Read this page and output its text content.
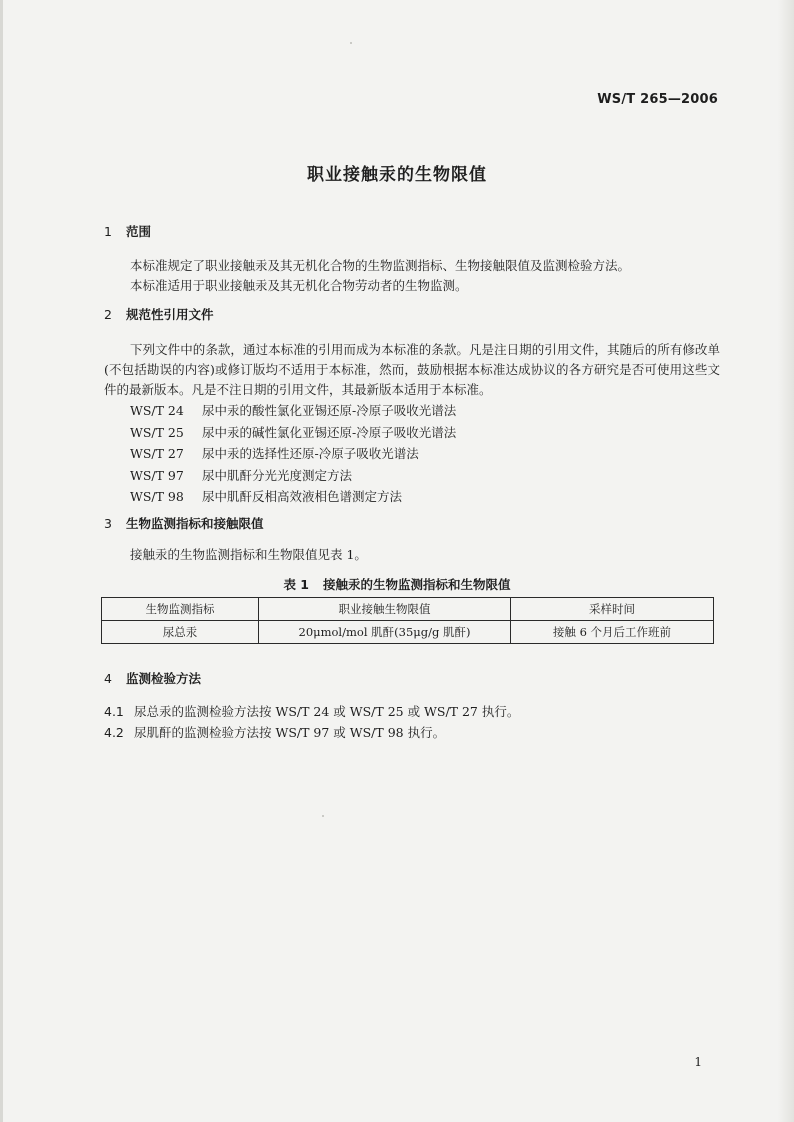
WS/T 265—2006
职业接触汞的生物限值
1 范围
本标准规定了职业接触汞及其无机化合物的生物监测指标、生物接触限值及监测检验方法。
本标准适用于职业接触汞及其无机化合物劳动者的生物监测。
2 规范性引用文件
下列文件中的条款，通过本标准的引用而成为本标准的条款。凡是注日期的引用文件，其随后的所有修改单(不包括勘误的内容)或修订版均不适用于本标准，然而，鼓励根据本标准达成协议的各方研究是否可使用这些文件的最新版本。凡是不注日期的引用文件，其最新版本适用于本标准。
WS/T 24 尿中汞的酸性氯化亚锡还原-冷原子吸收光谱法
WS/T 25 尿中汞的碱性氯化亚锡还原-冷原子吸收光谱法
WS/T 27 尿中汞的选择性还原-冷原子吸收光谱法
WS/T 97 尿中肌酐分光光度测定方法
WS/T 98 尿中肌酐反相高效液相色谱测定方法
3 生物监测指标和接触限值
接触汞的生物监测指标和生物限值见表 1。
表 1 接触汞的生物监测指标和生物限值
生物监测指标	职业接触生物限值	采样时间
尿总汞	20μmol/mol 肌酐(35μg/g 肌酐)	接触 6 个月后工作班前
4 监测检验方法
4.1 尿总汞的监测检验方法按 WS/T 24 或 WS/T 25 或 WS/T 27 执行。
4.2 尿肌酐的监测检验方法按 WS/T 97 或 WS/T 98 执行。
1
